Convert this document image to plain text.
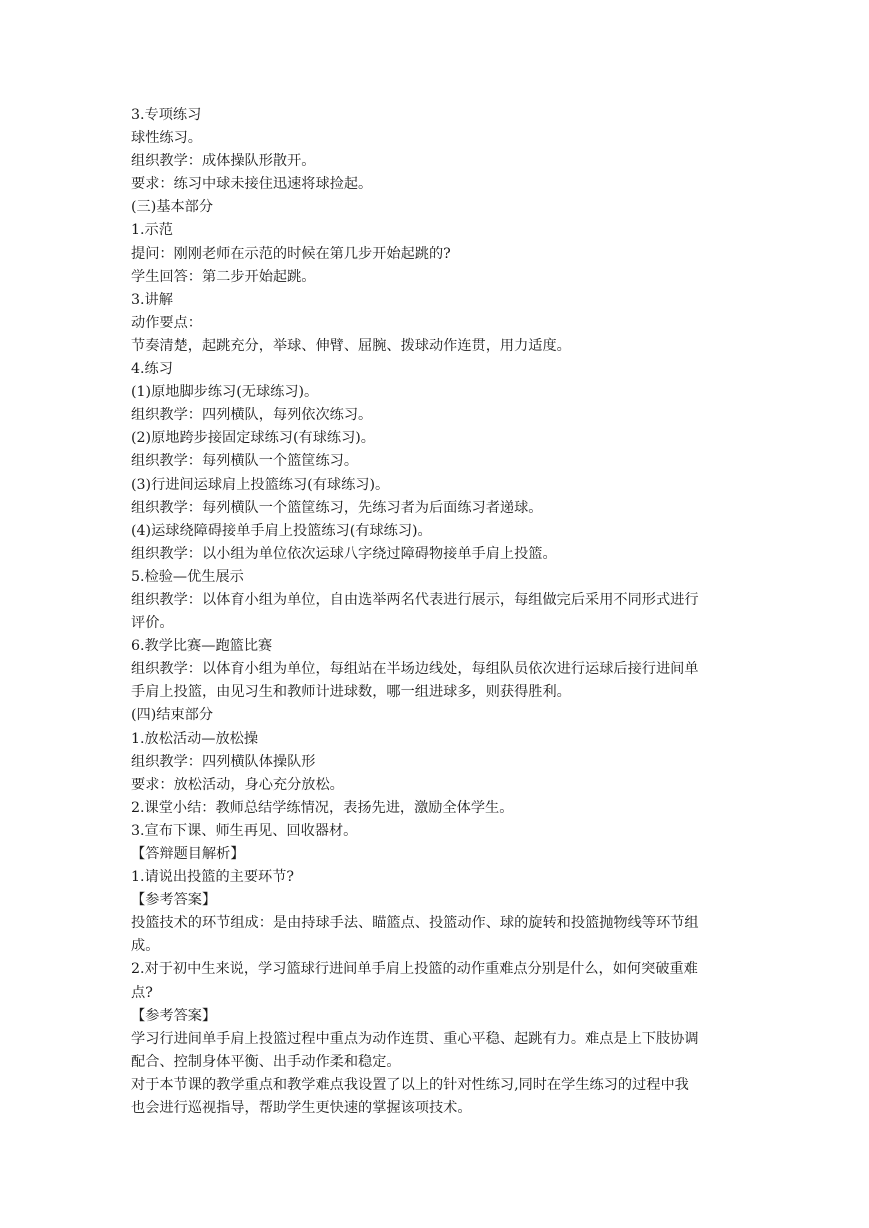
3.专项练习
球性练习。
组织教学：成体操队形散开。
要求：练习中球未接住迅速将球捡起。
(三)基本部分
1.示范
提问：刚刚老师在示范的时候在第几步开始起跳的?
学生回答：第二步开始起跳。
3.讲解
动作要点：
节奏清楚，起跳充分，举球、伸臂、屈腕、拨球动作连贯，用力适度。
4.练习
(1)原地脚步练习(无球练习)。
组织教学：四列横队，每列依次练习。
(2)原地跨步接固定球练习(有球练习)。
组织教学：每列横队一个篮筐练习。
(3)行进间运球肩上投篮练习(有球练习)。
组织教学：每列横队一个篮筐练习，先练习者为后面练习者递球。
(4)运球绕障碍接单手肩上投篮练习(有球练习)。
组织教学：以小组为单位依次运球八字绕过障碍物接单手肩上投篮。
5.检验—优生展示
组织教学：以体育小组为单位，自由选举两名代表进行展示，每组做完后采用不同形式进行
评价。
6.教学比赛—跑篮比赛
组织教学：以体育小组为单位，每组站在半场边线处，每组队员依次进行运球后接行进间单
手肩上投篮，由见习生和教师计进球数，哪一组进球多，则获得胜利。
(四)结束部分
1.放松活动—放松操
组织教学：四列横队体操队形
要求：放松活动，身心充分放松。
2.课堂小结：教师总结学练情况，表扬先进，激励全体学生。
3.宣布下课、师生再见、回收器材。
【答辩题目解析】
1.请说出投篮的主要环节?
【参考答案】
投篮技术的环节组成：是由持球手法、瞄篮点、投篮动作、球的旋转和投篮抛物线等环节组
成。
2.对于初中生来说，学习篮球行进间单手肩上投篮的动作重难点分别是什么，如何突破重难
点?
【参考答案】
学习行进间单手肩上投篮过程中重点为动作连贯、重心平稳、起跳有力。难点是上下肢协调
配合、控制身体平衡、出手动作柔和稳定。
对于本节课的教学重点和教学难点我设置了以上的针对性练习,同时在学生练习的过程中我
也会进行巡视指导，帮助学生更快速的掌握该项技术。
